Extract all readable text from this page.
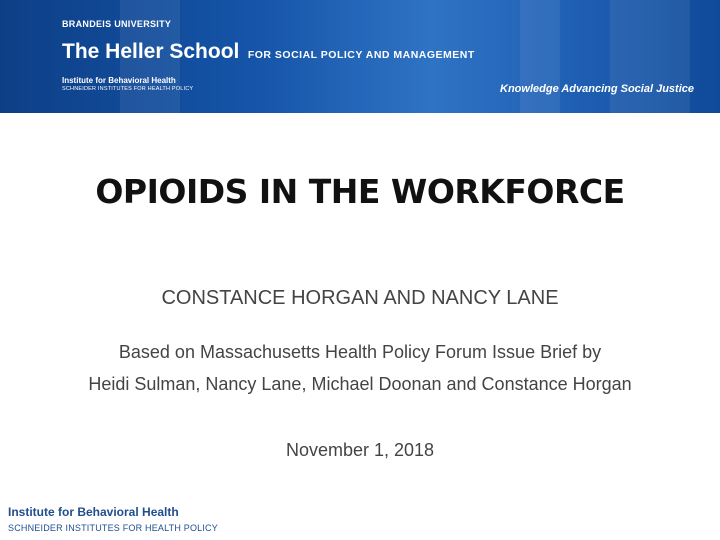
BRANDEIS UNIVERSITY
The Heller School FOR SOCIAL POLICY AND MANAGEMENT
Institute for Behavioral Health
SCHNEIDER INSTITUTES FOR HEALTH POLICY	Knowledge Advancing Social Justice
OPIOIDS IN THE WORKFORCE
CONSTANCE HORGAN AND NANCY LANE
Based on Massachusetts Health Policy Forum Issue Brief by
Heidi Sulman, Nancy Lane, Michael Doonan and Constance Horgan
November 1, 2018
Institute for Behavioral Health
SCHNEIDER INSTITUTES FOR HEALTH POLICY
